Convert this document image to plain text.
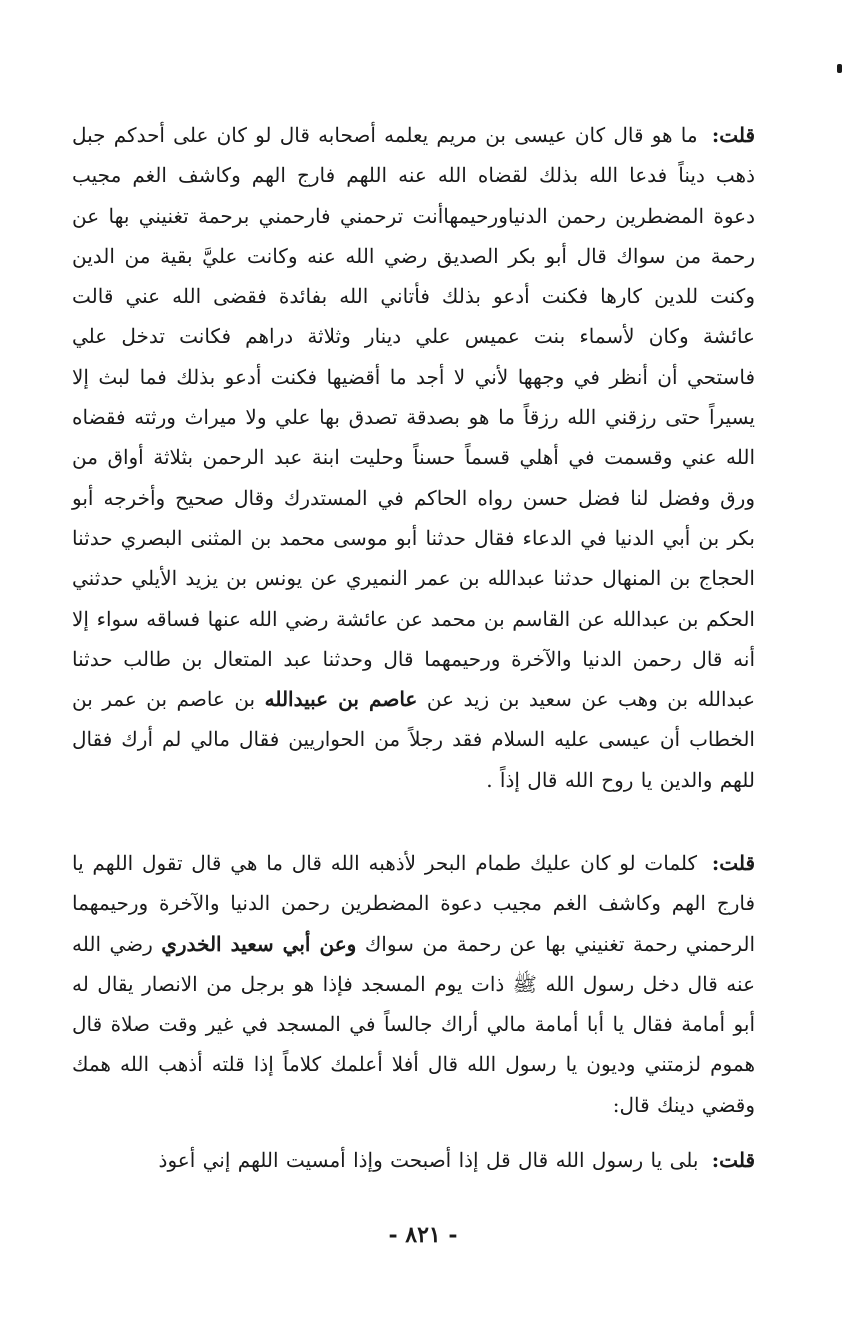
قلت: ما هو قال كان عيسى بن مريم يعلمه أصحابه قال لو كان على أحدكم جبل ذهب ديناً فدعا الله بذلك لقضاه الله عنه اللهم فارج الهم وكاشف الغم مجيب دعوة المضطرين رحمن الدنياورحيمهاأنت ترحمني فارحمني برحمة تغنيني بها عن رحمة من سواك قال أبو بكر الصديق رضي الله عنه وكانت عليَّ بقية من الدين وكنت للدين كارها فكنت أدعو بذلك فأتاني الله بفائدة فقضى الله عني قالت عائشة وكان لأسماء بنت عميس علي دينار وثلاثة دراهم فكانت تدخل علي فاستحي أن أنظر في وجهها لأني لا أجد ما أقضيها فكنت أدعو بذلك فما لبث إلا يسيراً حتى رزقني الله رزقاً ما هو بصدقة تصدق بها علي ولا ميراث ورثته فقضاه الله عني وقسمت في أهلي قسماً حسناً وحليت ابنة عبد الرحمن بثلاثة أواق من ورق وفضل لنا فضل حسن رواه الحاكم في المستدرك وقال صحيح وأخرجه أبو بكر بن أبي الدنيا في الدعاء فقال حدثنا أبو موسى محمد بن المثنى البصري حدثنا الحجاج بن المنهال حدثنا عبدالله بن عمر النميري عن يونس بن يزيد الأيلي حدثني الحكم بن عبدالله عن القاسم بن محمد عن عائشة رضي الله عنها فساقه سواء إلا أنه قال رحمن الدنيا والآخرة ورحيمهما قال وحدثنا عبد المتعال بن طالب حدثنا عبدالله بن وهب عن سعيد بن زيد عن عاصم بن عبيدالله بن عاصم بن عمر بن الخطاب أن عيسى عليه السلام فقد رجلاً من الحواريين فقال مالي لم أرك فقال للهم والدين يا روح الله قال إذاً .
قلت: كلمات لو كان عليك طمام البحر لأذهبه الله قال ما هي قال تقول اللهم يا فارج الهم وكاشف الغم مجيب دعوة المضطرين رحمن الدنيا والآخرة ورحيمهما الرحمني رحمة تغنيني بها عن رحمة من سواك وعن أبي سعيد الخدري رضي الله عنه قال دخل رسول الله ﷺ ذات يوم المسجد فإذا هو برجل من الانصار يقال له أبو أمامة فقال يا أبا أمامة مالي أراك جالساً في المسجد في غير وقت صلاة قال هموم لزمتني وديون يا رسول الله قال أفلا أعلمك كلاماً إذا قلته أذهب الله همك وقضي دينك قال:
قلت: بلى يا رسول الله قال قل إذا أصبحت وإذا أمسيت اللهم إني أعوذ
- ٨٢١ -
